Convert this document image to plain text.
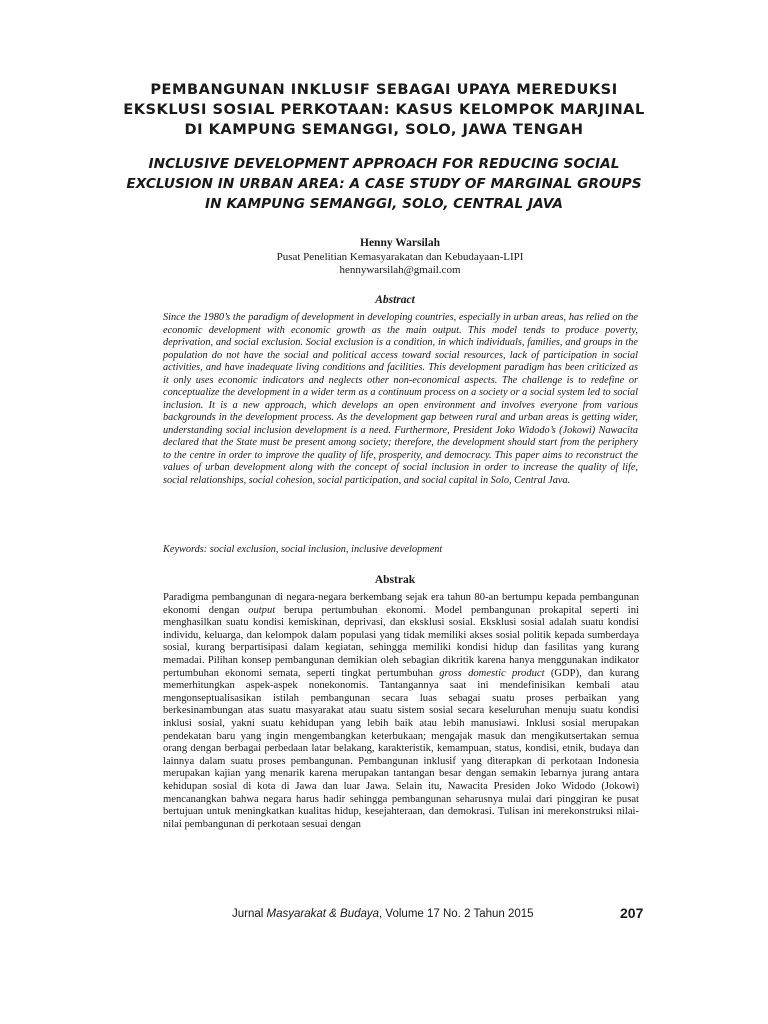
PEMBANGUNAN INKLUSIF SEBAGAI UPAYA MEREDUKSI
EKSKLUSI SOSIAL PERKOTAAN: KASUS KELOMPOK MARJINAL
DI KAMPUNG SEMANGGI, SOLO, JAWA TENGAH
INCLUSIVE DEVELOPMENT APPROACH FOR REDUCING SOCIAL
EXCLUSION IN URBAN AREA: A CASE STUDY OF MARGINAL GROUPS
IN KAMPUNG SEMANGGI, SOLO, CENTRAL JAVA
Henny Warsilah
Pusat Penelitian Kemasyarakatan dan Kebudayaan-LIPI
hennywarsilah@gmail.com
Abstract

Since the 1980’s the paradigm of development in developing countries, especially in urban areas, has relied on the economic development with economic growth as the main output. This model tends to produce poverty, deprivation, and social exclusion. Social exclusion is a condition, in which individuals, families, and groups in the population do not have the social and political access toward social resources, lack of participation in social activities, and have inadequate living conditions and facilities. This development paradigm has been criticized as it only uses economic indicators and neglects other non-economical aspects. The challenge is to redefine or conceptualize the development in a wider term as a continuum process on a society or a social system led to social inclusion. It is a new approach, which develops an open environment and involves everyone from various backgrounds in the development process. As the development gap between rural and urban areas is getting wider, understanding social inclusion development is a need. Furthermore, President Joko Widodo’s (Jokowi) Nawacita declared that the State must be present among society; therefore, the development should start from the periphery to the centre in order to improve the quality of life, prosperity, and democracy. This paper aims to reconstruct the values of urban development along with the concept of social inclusion in order to increase the quality of life, social relationships, social cohesion, social participation, and social capital in Solo, Central Java.

Keywords: social exclusion, social inclusion, inclusive development

Abstrak

Paradigma pembangunan di negara-negara berkembang sejak era tahun 80-an bertumpu kepada pembangunan ekonomi dengan output berupa pertumbuhan ekonomi. Model pembangunan prokapital seperti ini menghasilkan suatu kondisi kemiskinan, deprivasi, dan eksklusi sosial. Eksklusi sosial adalah suatu kondisi individu, keluarga, dan kelompok dalam populasi yang tidak memiliki akses sosial politik kepada sumberdaya sosial, kurang berpartisipasi dalam kegiatan, sehingga memiliki kondisi hidup dan fasilitas yang kurang memadai. Pilihan konsep pembangunan demikian oleh sebagian dikritik karena hanya menggunakan indikator pertumbuhan ekonomi semata, seperti tingkat pertumbuhan gross domestic product (GDP), dan kurang memerhitungkan aspek-aspek nonekonomis. Tantangannya saat ini mendefinisikan kembali atau mengonseptualisasikan istilah pembangunan secara luas sebagai suatu proses perbaikan yang berkesinambungan atas suatu masyarakat atau suatu sistem sosial secara keseluruhan menuju suatu kondisi inklusi sosial, yakni suatu kehidupan yang lebih baik atau lebih manusiawi. Inklusi sosial merupakan pendekatan baru yang ingin mengembangkan keterbukaan; mengajak masuk dan mengikutsertakan semua orang dengan berbagai perbedaan latar belakang, karakteristik, kemampuan, status, kondisi, etnik, budaya dan lainnya dalam suatu proses pembangunan. Pembangunan inklusif yang diterapkan di perkotaan Indonesia merupakan kajian yang menarik karena merupakan tantangan besar dengan semakin lebarnya jurang antara kehidupan sosial di kota di Jawa dan luar Jawa. Selain itu, Nawacita Presiden Joko Widodo (Jokowi) mencanangkan bahwa negara harus hadir sehingga pembangunan seharusnya mulai dari pinggiran ke pusat bertujuan untuk meningkatkan kualitas hidup, kesejahteraan, dan demokrasi. Tulisan ini merekonstruksi nilai-nilai pembangunan di perkotaan sesuai dengan

Jurnal Masyarakat & Budaya, Volume 17 No. 2 Tahun 2015	207
